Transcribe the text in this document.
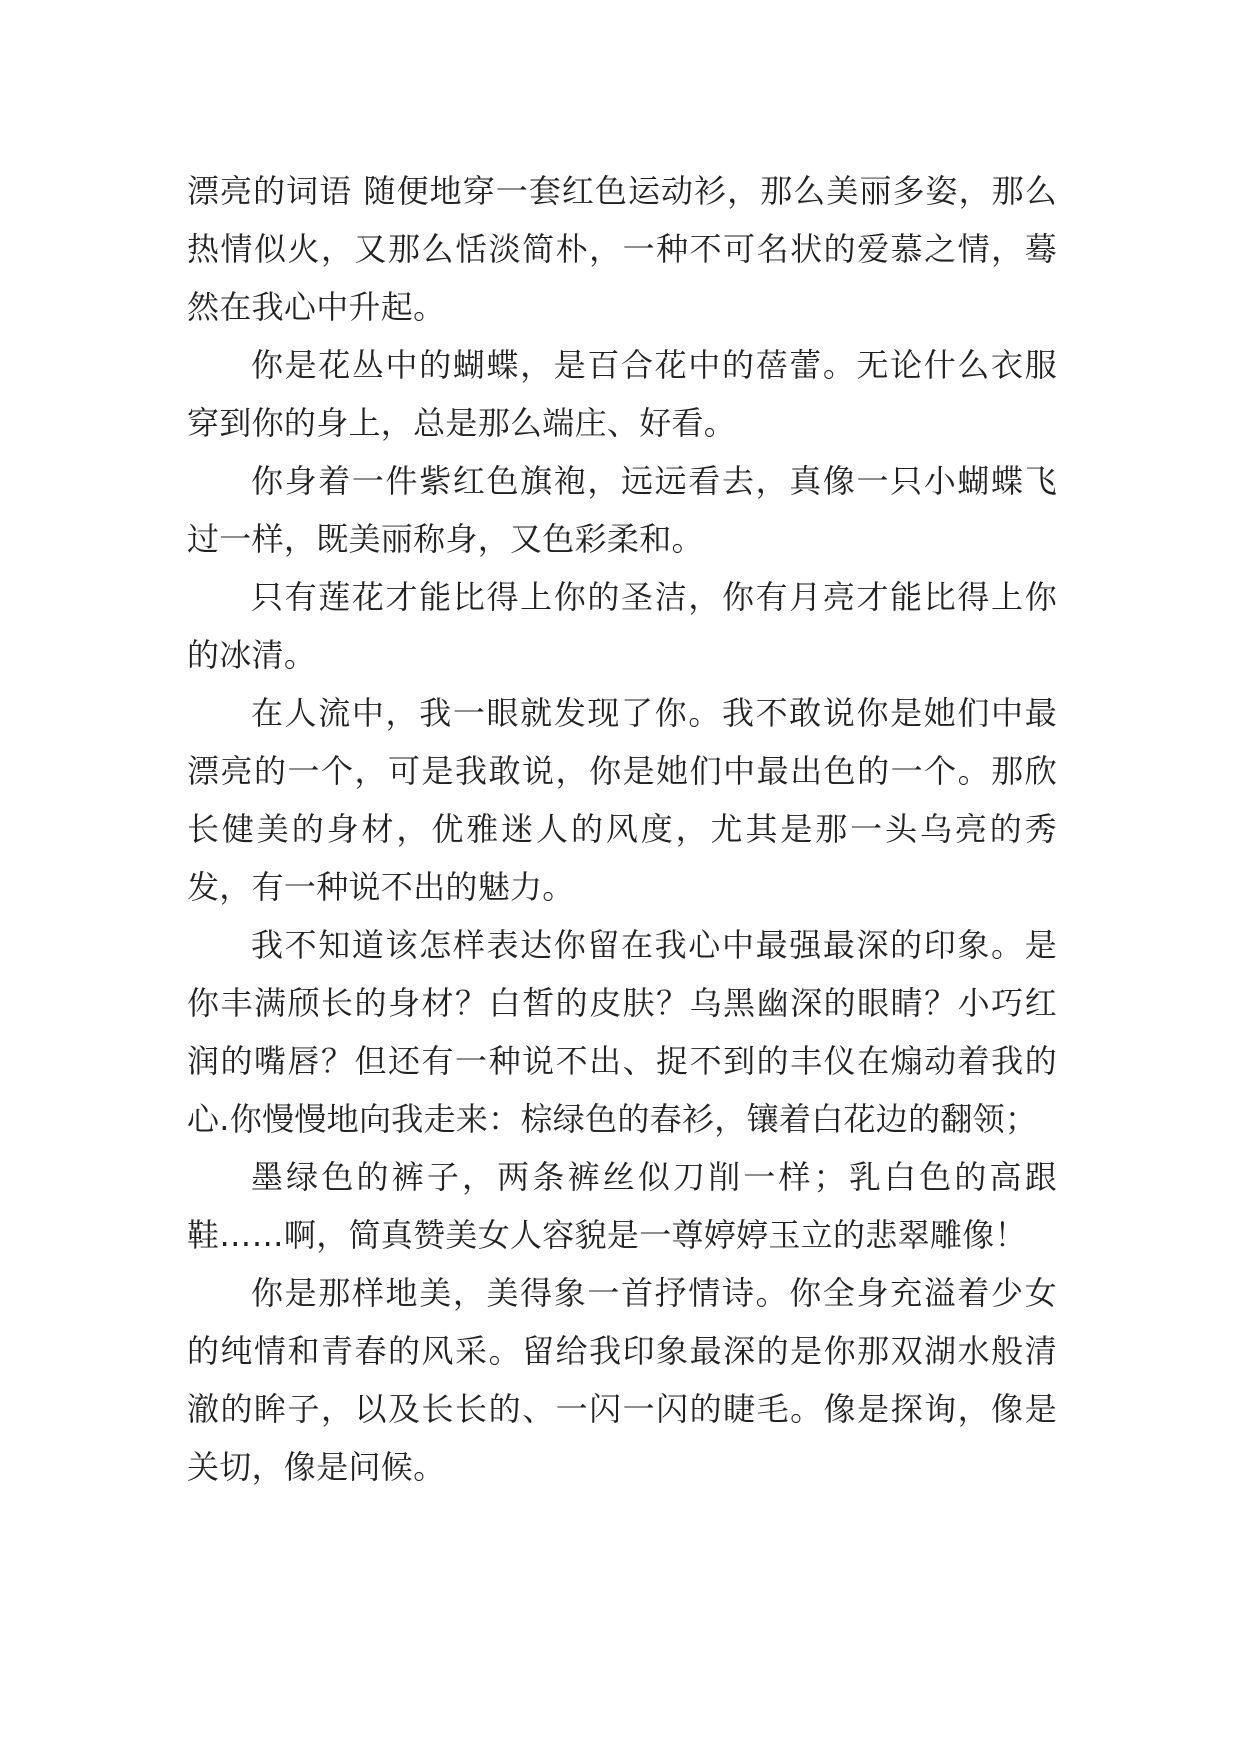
漂亮的词语 随便地穿一套红色运动衫，那么美丽多姿，那么热情似火，又那么恬淡简朴，一种不可名状的爱慕之情，蓦然在我心中升起。

你是花丛中的蝴蝶，是百合花中的蓓蕾。无论什么衣服穿到你的身上，总是那么端庄、好看。

你身着一件紫红色旗袍，远远看去，真像一只小蝴蝶飞过一样，既美丽称身，又色彩柔和。

只有莲花才能比得上你的圣洁，你有月亮才能比得上你的冰清。

在人流中，我一眼就发现了你。我不敢说你是她们中最漂亮的一个，可是我敢说，你是她们中最出色的一个。那欣长健美的身材，优雅迷人的风度，尤其是那一头乌亮的秀发，有一种说不出的魅力。

我不知道该怎样表达你留在我心中最强最深的印象。是你丰满颀长的身材？白皙的皮肤？乌黑幽深的眼睛？小巧红润的嘴唇？但还有一种说不出、捉不到的丰仪在煽动着我的心.你慢慢地向我走来：棕绿色的春衫，镶着白花边的翻领；

墨绿色的裤子，两条裤丝似刀削一样；乳白色的高跟鞋……啊，简真赞美女人容貌是一尊婷婷玉立的悲翠雕像！

你是那样地美，美得象一首抒情诗。你全身充溢着少女的纯情和青春的风采。留给我印象最深的是你那双湖水般清澈的眸子，以及长长的、一闪一闪的睫毛。像是探询，像是关切，像是问候。
